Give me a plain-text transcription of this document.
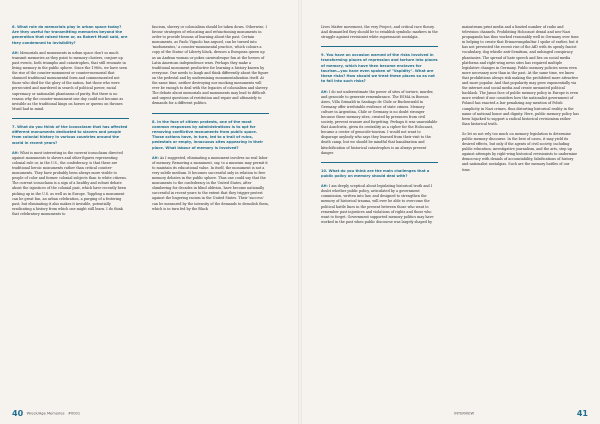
6. What role do memorials play in urban space today? Are they useful for transmitting memories beyond the generation that raised them or, as Robert Musil said, are they condemned to invisibility?

AH: Memorials and monuments in urban space don't so much transmit memories as they point to memory clusters, conjure up past events, both triumphs and catastrophes, that still resonate in living memory in the public sphere. Since the 1980s, we have seen the rise of the counter-monument or counter-memorial that shunned traditional monumental form and commemorated not those who died for the glory of the nation, but those who were persecuted and murdered in search of political power, racial supremacy or nationalist phantasms of purity. But there is no reason why the counter-monument one day could not become as invisible as the traditional kings on horses or queens on thrones Musil had in mind.

7. What do you think of the iconoclasm that has affected different monuments dedicated to slavers and people from colonial history in various countries around the world in recent years?

AH: What is most interesting in the current iconoclasm directed against monuments to slavers and other figures representing colonial rule or, in the U.S., the confederacy, is that these are traditional heroic monuments rather than critical counter-monuments. They have probably been always more visible to people of color and former colonial subjects than to white citizens. The current iconoclasm is a sign of a healthy and robust debate about the injustices of the colonial past, which have recently been picking up in the U.S. as well as in Europe. Toppling a monument can be great fun, an urban celebration, a purging of a festering past, but eliminating it also makes it invisible, potentially eradicating a history from which one might still learn. I do think that celebratory monuments to

fascism, slavery or colonialism should be taken down. Otherwise, I favour strategies of relocating and refunctioning monuments in order to provide lessons of learning about the past. Certain monuments, as Paolo Vignolo has argued, can be turned into 'modumentos,' a counter-monumental practice, which colours a copy of the Statue of Liberty black, dresses a European queen up as an Andean woman or pokes carnivalesque fun at the heroes of Latin American independence wars. Perhaps they make a traditional monument productive for learning a history known by everyone. One needs to laugh and think differently about the figure on the pedestal and by undermining monumentalization itself. At the same time, neither destroying nor mocking monuments will ever be enough to deal with the legacies of colonialism and slavery. The debate about memorials and monuments may lead to difficult and urgent questions of restitution and repair and ultimately to demands for a different politics.

8. In the face of citizen protests, one of the most common responses by administrations is to opt for removing conflictive monuments from public space. Those actions have, in turn, led to a trail of ruins, pedestals or empty, innocuous sites appearing in their place. What labour of memory is involved?

AH: As I suggested, eliminating a monument involves no real labor of memory. Removing a monument, say, to a museum may permit it to maintain its educational value. In itself, the monument is not a very subtle medium. It becomes successful only in relation to free memory debates in the public sphere. Thus one could say that the monuments to the confederacy in the United States, after slumbering for decades in blind oblivion, have become nationally successful in recent years to the extent that they trigger protest against the lingering racism in the United States. Their 'success' can be measured by the intensity of the demands to demolish them, which is in turn fed by the Black

40 Wreck/Age Memories #0001

Lives Matter movement, the very Project, and critical race theory. And dismantled they should be to establish symbolic markers in the struggle against revisionist white supremacist nostalgia.

9. You have on occasion warned of the risks involved in transforming places of repression and torture into places of memory, which have then become enclaves for tourism—you have even spoken of "Vapidity". What are these risks? How should we treat these places so as not to fall into such risks?

AH: I do not underestimate the power of sites of torture, murder, and genocide to generate remembrance. The ESMA in Buenos Aires, Villa Grimaldi in Santiago de Chile or Buchenwald in Germany offer irrefutable evidence of state crimes. Memory culture in Argentina, Chile or Germany is no doubt stronger because these memory sites, created by pressures from civil society, prevent erasure and forgetting. Perhaps it was unavoidable that Auschwitz, given its centrality as a cipher for the Holocaust, became a center of genocide-tourism. I would not want to disparage anybody who says they learned from their visit to the death camp, but we should be mindful that banalization and kitschification of historical catastrophes is an always present danger.

10. What do you think are the main challenges that a public policy on memory should deal with?

AH: I am deeply sceptical about legislating historical truth and I doubt whether public policy, articulated by a government commission, written into law, and designed to strengthen the memory of historical trauma, will ever be able to overcome the political battle lines in the present between those who want to remember past injustices and violations of rights and those who want to forget. Government supported memory politics may have worked in the past when public discourse was largely shaped by

mainstream print media and a limited number of radio and television channels. Prohibiting Holocaust denial and neo-Nazi propaganda has thus worked reasonably well in Germany over time in helping to create that Erinnerungskultur I spoke of earlier, but it has not prevented the recent rise of the AfD with its openly fascist vocabulary, dog whistle anti-Semitism, and unhinged conspiracy phantasies. The spread of hate speech and lies on social media platforms and right-wing news sites has required multiple legislative changes in Germany. Public memory policies seem even more necessary now than in the past. At the same time, we know that prohibitions always risk making the prohibited more attractive and more popular. And that popularity may grow exponentially via the internet and social media and create unwanted political backlash. The Janus face of public memory policy in Europe is even more evident if one considers how the nationalist government of Poland has enacted a law penalizing any mention of Polish complicity in Nazi crimes, thus distorting historical reality in the name of national honor and dignity. Here, public memory policy has been hijacked to support a radical historical revisionism rather than historical truth.

So let us not rely too much on memory legislation to determine public memory discourse. In the best of cases, it may yield its desired effects, but only if the agents of civil society, including public education, investigative journalism, and the arts, step up against attempts by right-wing historical revisionists to undermine democracy with denials of accountability, falsifications of history and nationalist nostalgias. Such are the memory battles of our time.

INTERVIEW	41
